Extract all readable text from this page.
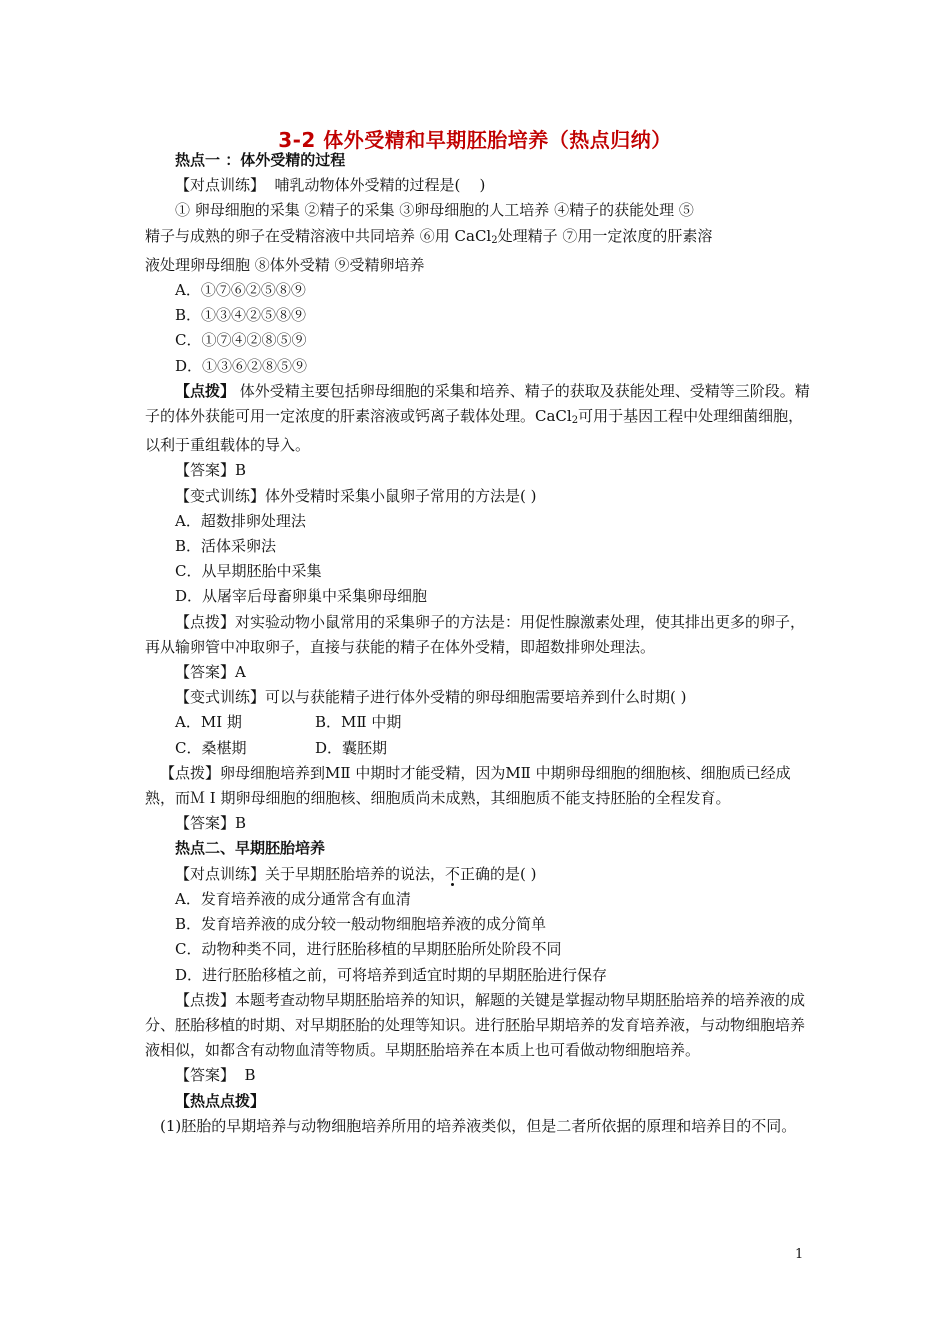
3-2 体外受精和早期胚胎培养（热点归纳）

热点一 ：体外受精的过程

【对点训练】  哺乳动物体外受精的过程是(    )

① 卵母细胞的采集 ②精子的采集 ③卵母细胞的人工培养 ④精子的获能处理 ⑤
精子与成熟的卵子在受精溶液中共同培养 ⑥用 CaCl$_2$处理精子 ⑦用一定浓度的肝素溶
液处理卵母细胞 ⑧体外受精 ⑨受精卵培养

A．①⑦⑥②⑤⑧⑨

B．①③④②⑤⑧⑨

C．①⑦④②⑧⑤⑨

D．①③⑥②⑧⑤⑨

【点拨】 体外受精主要包括卵母细胞的采集和培养、精子的获取及获能处理、受精等三阶段。精子的体外获能可用一定浓度的肝素溶液或钙离子载体处理。CaCl$_2$可用于基因工程中处理细菌细胞，以利于重组载体的导入。

【答案】B

【变式训练】体外受精时采集小鼠卵子常用的方法是( )

A．超数排卵处理法

B．活体采卵法

C．从早期胚胎中采集

D．从屠宰后母畜卵巢中采集卵母细胞

【点拨】对实验动物小鼠常用的采集卵子的方法是：用促性腺激素处理，使其排出更多的卵子，再从输卵管中冲取卵子，直接与获能的精子在体外受精，即超数排卵处理法。

【答案】A

【变式训练】可以与获能精子进行体外受精的卵母细胞需要培养到什么时期( )

A．MⅠ 期	B．MⅡ 中期
C．桑椹期	D．囊胚期

【点拨】卵母细胞培养到MⅡ 中期时才能受精，因为MⅡ 中期卵母细胞的细胞核、细胞质已经成熟，而Ｍ Ⅰ 期卵母细胞的细胞核、细胞质尚未成熟，其细胞质不能支持胚胎的全程发育。

【答案】B

热点二、早期胚胎培养

【对点训练】关于早期胚胎培养的说法，不正确的是( )

A．发育培养液的成分通常含有血清

B．发育培养液的成分较一般动物细胞培养液的成分简单

C．动物种类不同，进行胚胎移植的早期胚胎所处阶段不同

D．进行胚胎移植之前，可将培养到适宜时期的早期胚胎进行保存

【点拨】本题考查动物早期胚胎培养的知识，解题的关键是掌握动物早期胚胎培养的培养液的成分、胚胎移植的时期、对早期胚胎的处理等知识。进行胚胎早期培养的发育培养液，与动物细胞培养液相似，如都含有动物血清等物质。早期胚胎培养在本质上也可看做动物细胞培养。

【答案】  B

【热点点拨】

(1)胚胎的早期培养与动物细胞培养所用的培养液类似，但是二者所依据的原理和培养目的不同。

1
